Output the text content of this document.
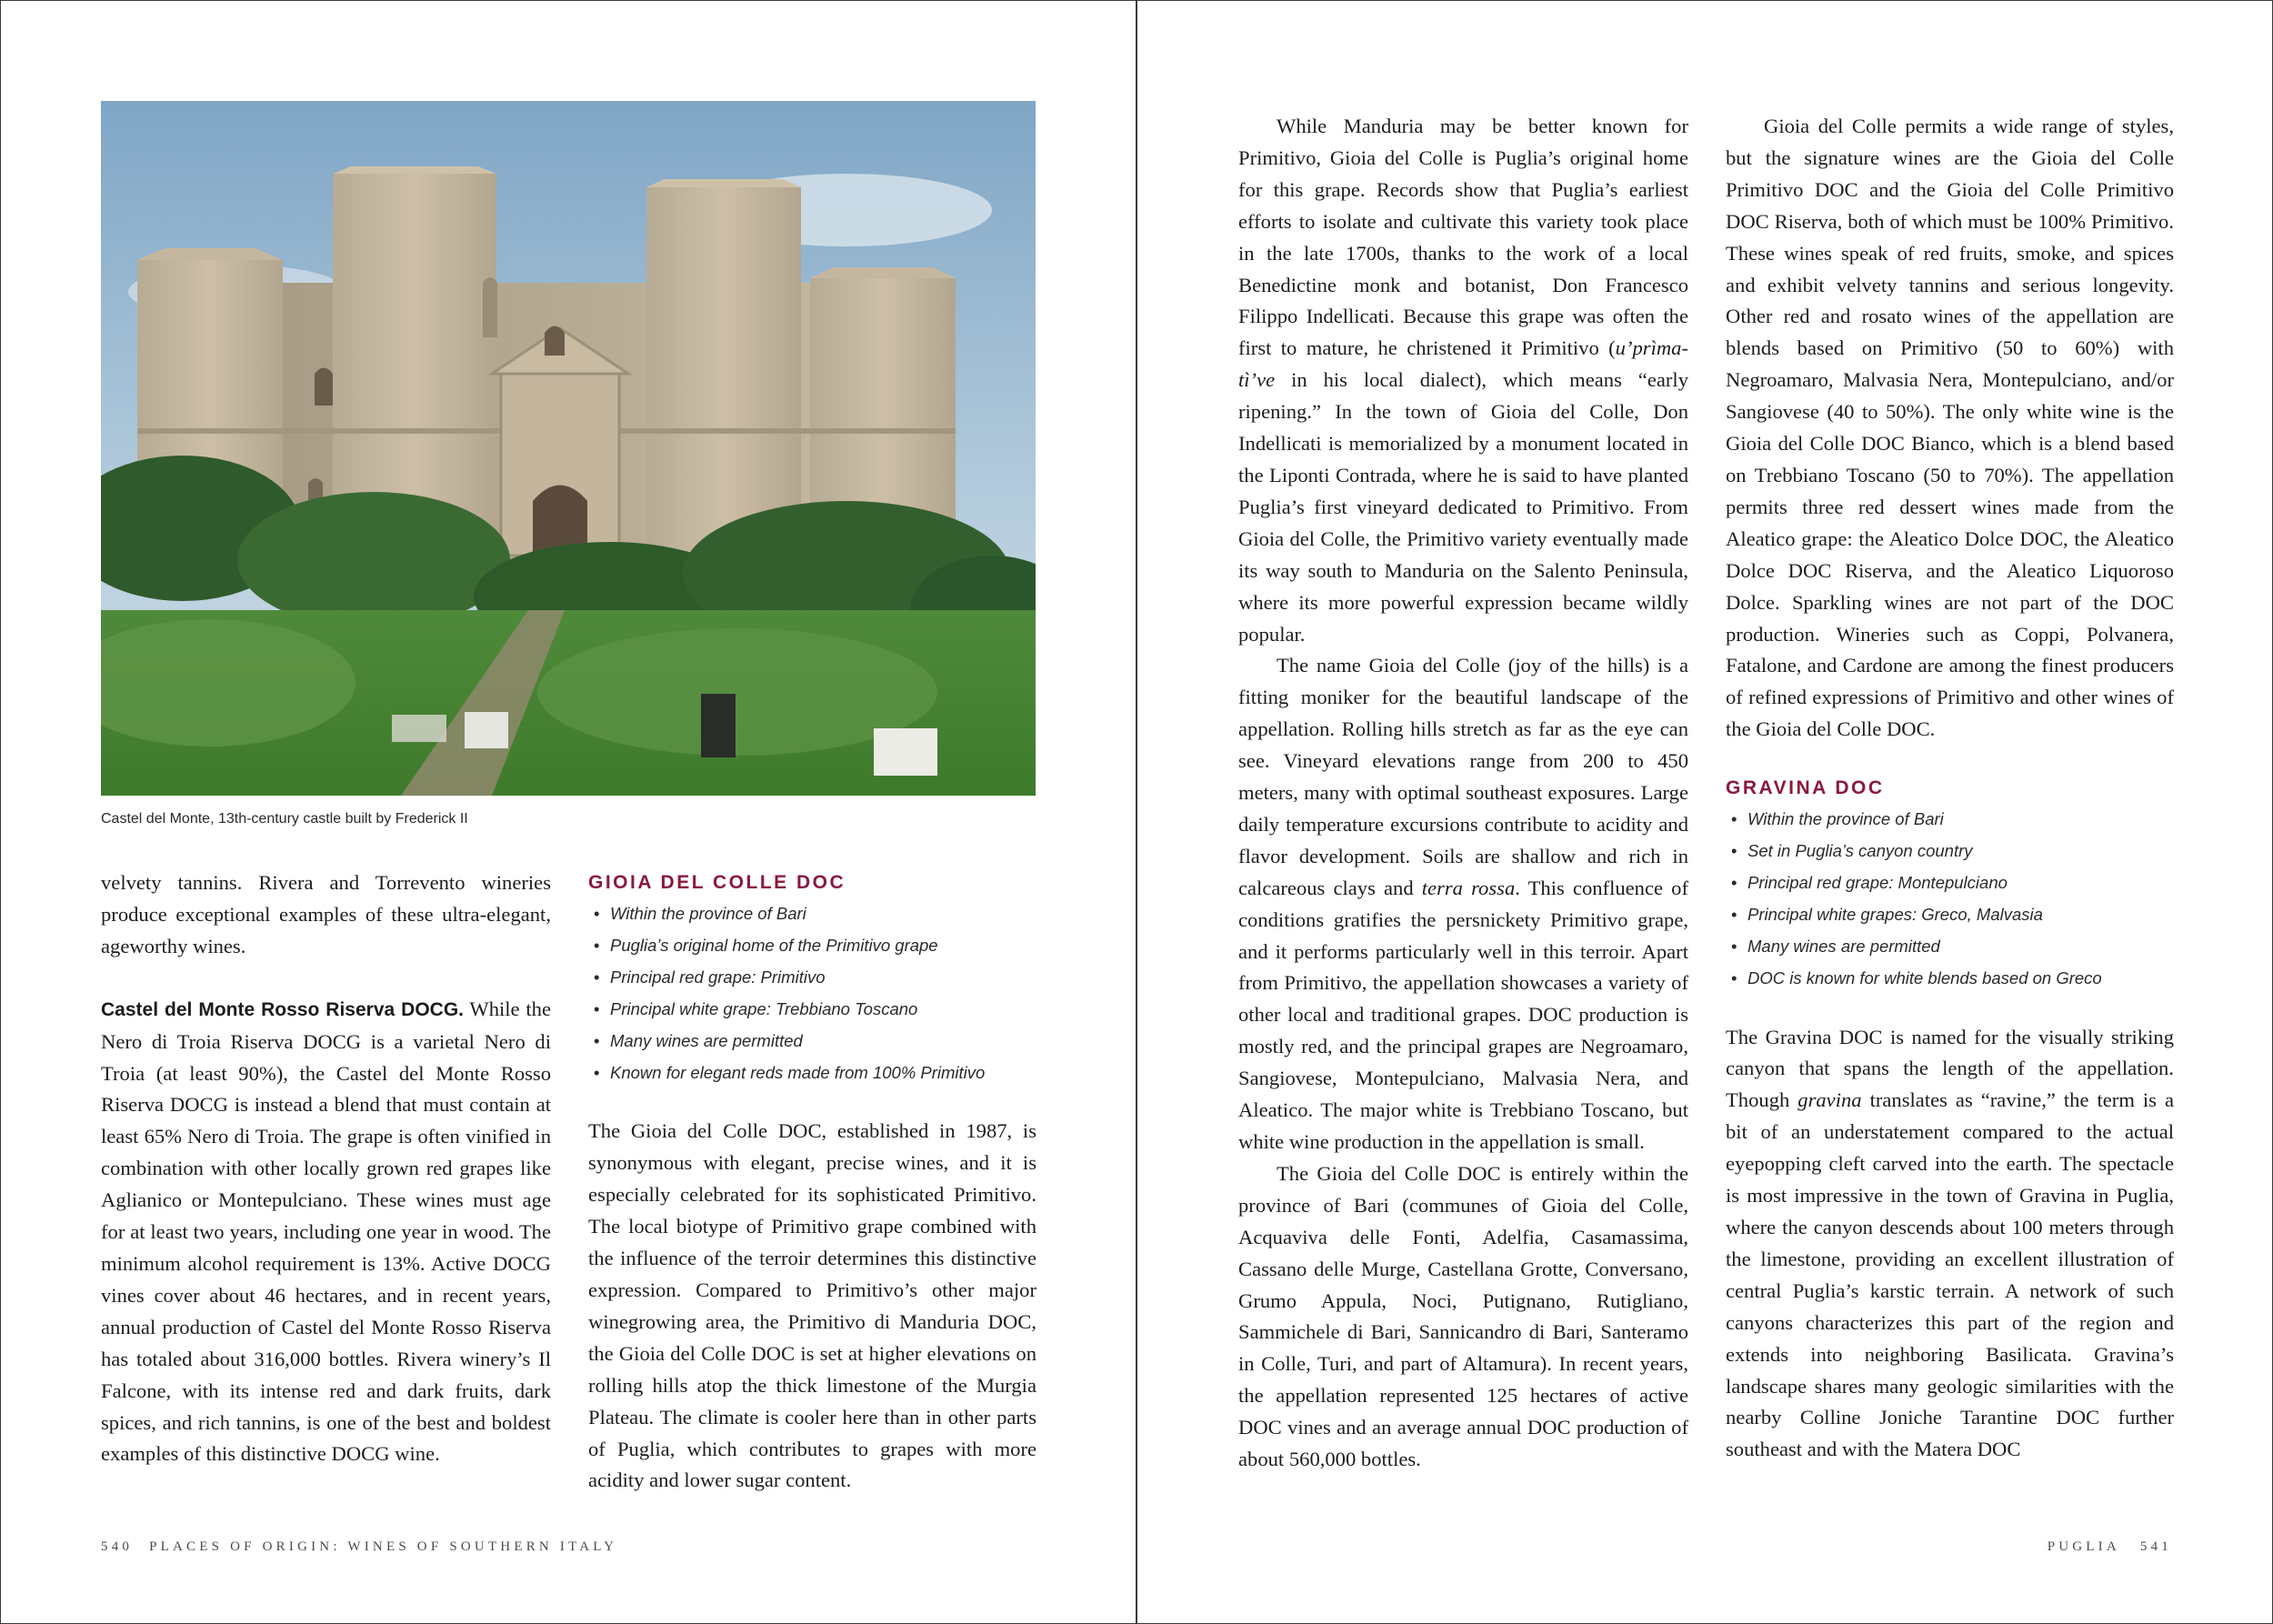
Castel del Monte, 13th-century castle built by Frederick II

velvety tannins. Rivera and Torrevento wineries produce exceptional examples of these ultra-elegant, ageworthy wines.

Castel del Monte Rosso Riserva DOCG. While the Nero di Troia Riserva DOCG is a varietal Nero di Troia (at least 90%), the Castel del Monte Rosso Riserva DOCG is instead a blend that must contain at least 65% Nero di Troia. The grape is often vinified in combination with other locally grown red grapes like Aglianico or Montepulciano. These wines must age for at least two years, including one year in wood. The minimum alcohol requirement is 13%. Active DOCG vines cover about 46 hectares, and in recent years, annual production of Castel del Monte Rosso Riserva has totaled about 316,000 bottles. Rivera winery’s Il Falcone, with its intense red and dark fruits, dark spices, and rich tannins, is one of the best and boldest examples of this distinctive DOCG wine.

GIOIA DEL COLLE DOC
• Within the province of Bari
• Puglia’s original home of the Primitivo grape
• Principal red grape: Primitivo
• Principal white grape: Trebbiano Toscano
• Many wines are permitted
• Known for elegant reds made from 100% Primitivo

The Gioia del Colle DOC, established in 1987, is synonymous with elegant, precise wines, and it is especially celebrated for its sophisticated Primitivo. The local biotype of Primitivo grape combined with the influence of the terroir determines this distinctive expression. Compared to Primitivo’s other major winegrowing area, the Primitivo di Manduria DOC, the Gioia del Colle DOC is set at higher elevations on rolling hills atop the thick limestone of the Murgia Plateau. The climate is cooler here than in other parts of Puglia, which contributes to grapes with more acidity and lower sugar content.

540 PLACES OF ORIGIN: WINES OF SOUTHERN ITALY

While Manduria may be better known for Primitivo, Gioia del Colle is Puglia’s original home for this grape. Records show that Puglia’s earliest efforts to isolate and cultivate this variety took place in the late 1700s, thanks to the work of a local Benedictine monk and botanist, Don Francesco Filippo Indellicati. Because this grape was often the first to mature, he christened it Primitivo (u’prìma-tì’ve in his local dialect), which means “early ripening.” In the town of Gioia del Colle, Don Indellicati is memorialized by a monument located in the Liponti Contrada, where he is said to have planted Puglia’s first vineyard dedicated to Primitivo. From Gioia del Colle, the Primitivo variety eventually made its way south to Manduria on the Salento Peninsula, where its more powerful expression became wildly popular.

The name Gioia del Colle (joy of the hills) is a fitting moniker for the beautiful landscape of the appellation. Rolling hills stretch as far as the eye can see. Vineyard elevations range from 200 to 450 meters, many with optimal southeast exposures. Large daily temperature excursions contribute to acidity and flavor development. Soils are shallow and rich in calcareous clays and terra rossa. This confluence of conditions gratifies the persnickety Primitivo grape, and it performs particularly well in this terroir. Apart from Primitivo, the appellation showcases a variety of other local and traditional grapes. DOC production is mostly red, and the principal grapes are Negroamaro, Sangiovese, Montepulciano, Malvasia Nera, and Aleatico. The major white is Trebbiano Toscano, but white wine production in the appellation is small.

The Gioia del Colle DOC is entirely within the province of Bari (communes of Gioia del Colle, Acquaviva delle Fonti, Adelfia, Casamassima, Cassano delle Murge, Castellana Grotte, Conversano, Grumo Appula, Noci, Putignano, Rutigliano, Sammichele di Bari, Sannicandro di Bari, Santeramo in Colle, Turi, and part of Altamura). In recent years, the appellation represented 125 hectares of active DOC vines and an average annual DOC production of about 560,000 bottles.

Gioia del Colle permits a wide range of styles, but the signature wines are the Gioia del Colle Primitivo DOC and the Gioia del Colle Primitivo DOC Riserva, both of which must be 100% Primitivo. These wines speak of red fruits, smoke, and spices and exhibit velvety tannins and serious longevity. Other red and rosato wines of the appellation are blends based on Primitivo (50 to 60%) with Negroamaro, Malvasia Nera, Montepulciano, and/or Sangiovese (40 to 50%). The only white wine is the Gioia del Colle DOC Bianco, which is a blend based on Trebbiano Toscano (50 to 70%). The appellation permits three red dessert wines made from the Aleatico grape: the Aleatico Dolce DOC, the Aleatico Dolce DOC Riserva, and the Aleatico Liquoroso Dolce. Sparkling wines are not part of the DOC production. Wineries such as Coppi, Polvanera, Fatalone, and Cardone are among the finest producers of refined expressions of Primitivo and other wines of the Gioia del Colle DOC.

GRAVINA DOC
• Within the province of Bari
• Set in Puglia’s canyon country
• Principal red grape: Montepulciano
• Principal white grapes: Greco, Malvasia
• Many wines are permitted
• DOC is known for white blends based on Greco

The Gravina DOC is named for the visually striking canyon that spans the length of the appellation. Though gravina translates as “ravine,” the term is a bit of an understatement compared to the actual eyepopping cleft carved into the earth. The spectacle is most impressive in the town of Gravina in Puglia, where the canyon descends about 100 meters through the limestone, providing an excellent illustration of central Puglia’s karstic terrain. A network of such canyons characterizes this part of the region and extends into neighboring Basilicata. Gravina’s landscape shares many geologic similarities with the nearby Colline Joniche Tarantine DOC further southeast and with the Matera DOC

PUGLIA 541
